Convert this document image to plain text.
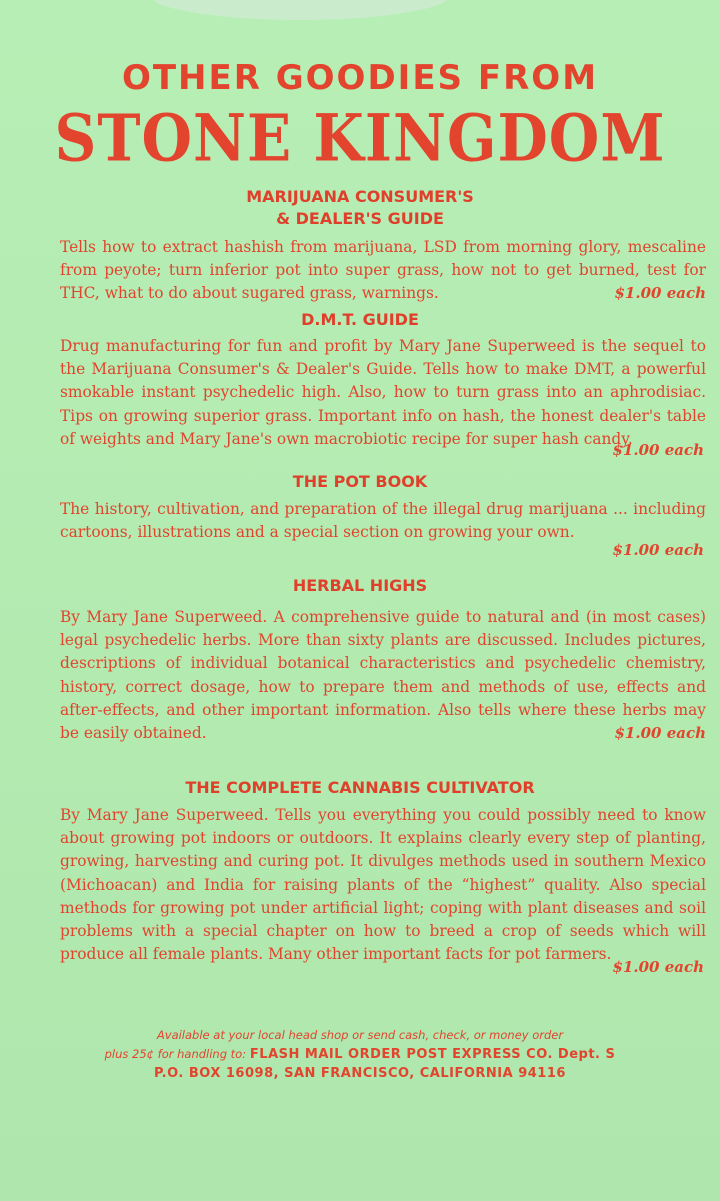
OTHER GOODIES FROM
STONE KINGDOM
MARIJUANA CONSUMER'S
& DEALER'S GUIDE
Tells how to extract hashish from marijuana, LSD from morning glory, mescaline from peyote; turn inferior pot into super grass, how not to get burned, test for THC, what to do about sugared grass, warnings.	$1.00 each
D.M.T. GUIDE
Drug manufacturing for fun and profit by Mary Jane Superweed is the sequel to the Marijuana Consumer's & Dealer's Guide. Tells how to make DMT, a powerful smokable instant psychedelic high. Also, how to turn grass into an aphrodisiac. Tips on growing superior grass. Important info on hash, the honest dealer's table of weights and Mary Jane's own macrobiotic recipe for super hash candy.
$1.00 each
THE POT BOOK
The history, cultivation, and preparation of the illegal drug marijuana ... including cartoons, illustrations and a special section on growing your own.
$1.00 each
HERBAL HIGHS
By Mary Jane Superweed. A comprehensive guide to natural and (in most cases) legal psychedelic herbs. More than sixty plants are discussed. Includes pictures, descriptions of individual botanical characteristics and psychedelic chemistry, history, correct dosage, how to prepare them and methods of use, effects and after-effects, and other important information. Also tells where these herbs may be easily obtained.	$1.00 each
THE COMPLETE CANNABIS CULTIVATOR
By Mary Jane Superweed. Tells you everything you could possibly need to know about growing pot indoors or outdoors. It explains clearly every step of planting, growing, harvesting and curing pot. It divulges methods used in southern Mexico (Michoacan) and India for raising plants of the “highest” quality. Also special methods for growing pot under artificial light; coping with plant diseases and soil problems with a special chapter on how to breed a crop of seeds which will produce all female plants. Many other important facts for pot farmers.
$1.00 each
Available at your local head shop or send cash, check, or money order
plus 25¢ for handling to: FLASH MAIL ORDER POST EXPRESS CO. Dept. S
P.O. BOX 16098, SAN FRANCISCO, CALIFORNIA 94116
